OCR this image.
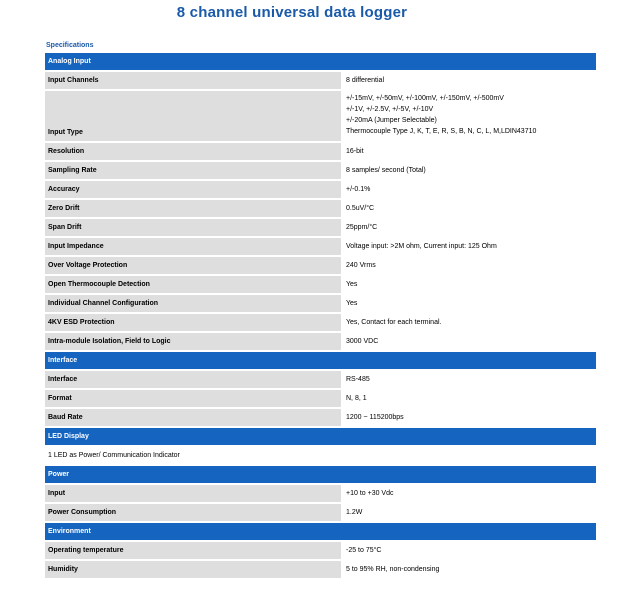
8 channel universal data logger
Specifications
Analog Input	
Input Channels	8 differential
Input Type	+/-15mV, +/-50mV, +/-100mV, +/-150mV, +/-500mV
+/-1V, +/-2.5V, +/-5V, +/-10V
+/-20mA (Jumper Selectable)
Thermocouple Type J, K, T, E, R, S, B, N, C, L, M,LDIN43710

Resolution	16-bit
Sampling Rate	8 samples/ second (Total)
Accuracy	+/-0.1%
Zero Drift	0.5uV/°C
Span Drift	25ppm/°C
Input Impedance	Voltage input: >2M ohm, Current input: 125 Ohm
Over Voltage Protection	240 Vrms
Open Thermocouple Detection	Yes
Individual Channel Configuration	Yes
4KV ESD Protection	Yes, Contact for each terminal.
Intra-module Isolation, Field to Logic	3000 VDC
Interface	
Interface	RS-485
Format	N, 8, 1
Baud Rate	1200 ~ 115200bps
LED Display	
1 LED as Power/ Communication Indicator	
Power	
Input	+10 to +30 Vdc
Power Consumption	1.2W
Environment	
Operating temperature	-25 to 75°C
Humidity	5 to 95% RH, non-condensing
